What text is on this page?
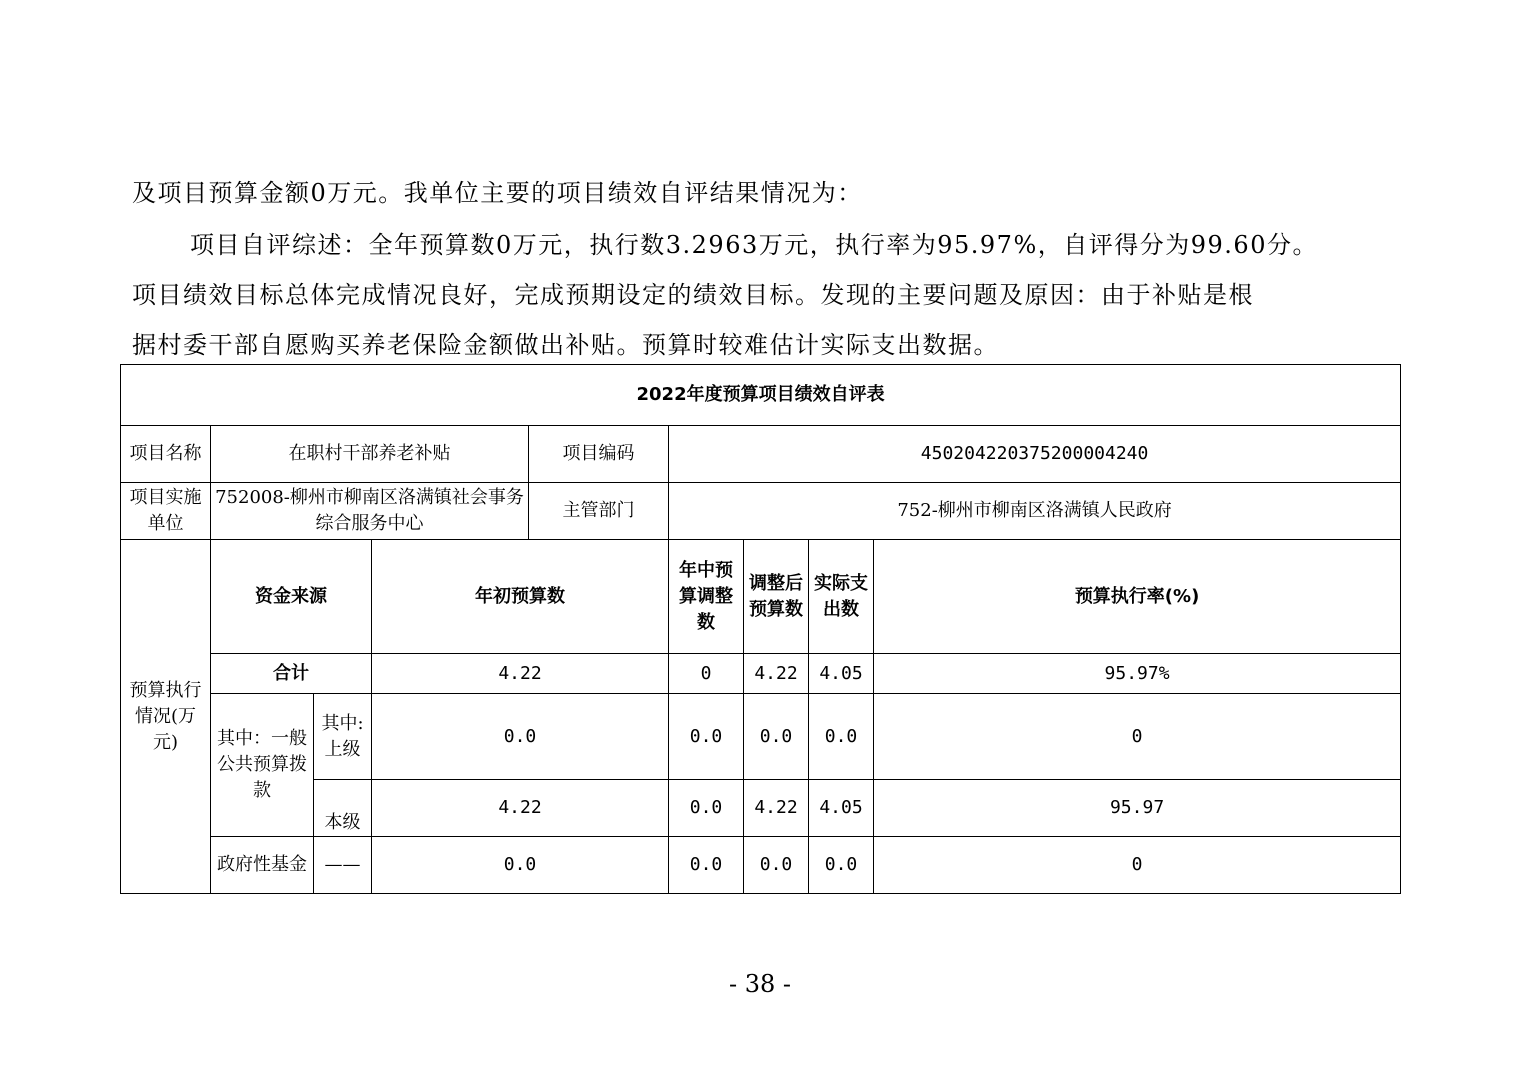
及项目预算金额0万元。我单位主要的项目绩效自评结果情况为：
项目自评综述：全年预算数0万元，执行数3.2963万元，执行率为95.97%，自评得分为99.60分。
项目绩效目标总体完成情况良好，完成预期设定的绩效目标。发现的主要问题及原因：由于补贴是根
据村委干部自愿购买养老保险金额做出补贴。预算时较难估计实际支出数据。
2022年度预算项目绩效自评表								
项目名称	在职村干部养老补贴			项目编码	450204220375200004240			
项目实施单位	752008-柳州市柳南区洛满镇社会事务综合服务中心			主管部门	752-柳州市柳南区洛满镇人民政府			
预算执行情况(万元)	资金来源		年初预算数		年中预算调整数	调整后预算数	实际支出数	预算执行率(%)
	合计		4.22		0	4.22	4.05	95.97%
	其中：一般公共预算拨款	其中:上级	0.0		0.0	0.0	0.0	0
		本级	4.22		0.0	4.22	4.05	95.97
	政府性基金	——	0.0		0.0	0.0	0.0	0
- 38 -
